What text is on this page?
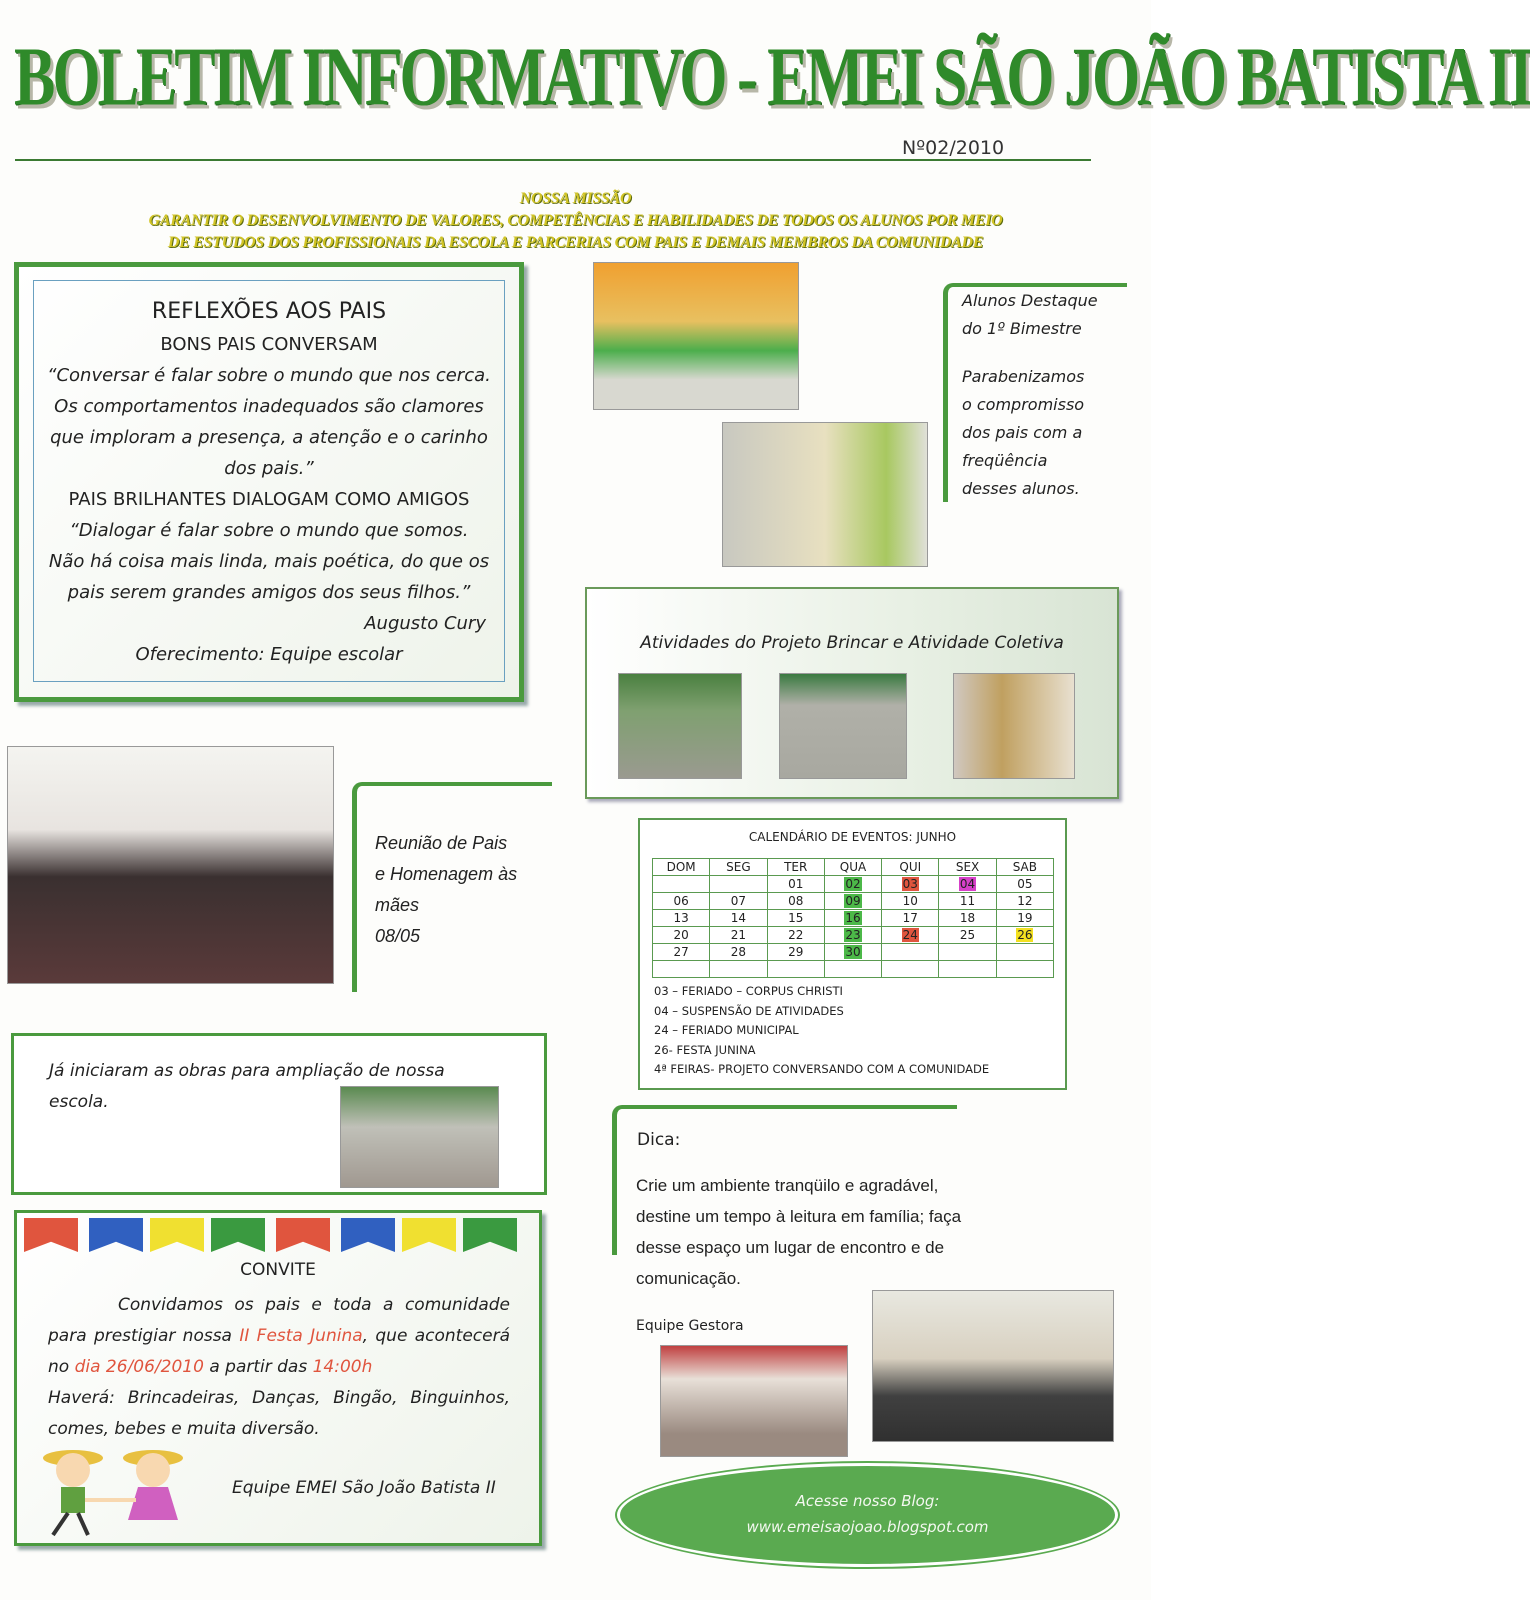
BOLETIM INFORMATIVO - EMEI SÃO JOÃO BATISTA II
Nº02/2010
NOSSA MISSÃO
GARANTIR O DESENVOLVIMENTO DE VALORES, COMPETÊNCIAS E HABILIDADES DE TODOS OS ALUNOS POR MEIO
DE ESTUDOS DOS PROFISSIONAIS DA ESCOLA E PARCERIAS COM PAIS E DEMAIS MEMBROS DA COMUNIDADE

REFLEXÕES AOS PAIS

BONS PAIS CONVERSAM

“Conversar é falar sobre o mundo que nos cerca.

Os comportamentos inadequados são clamores

que imploram a presença, a atenção e o carinho

dos pais.”

PAIS BRILHANTES DIALOGAM COMO AMIGOS

“Dialogar é falar sobre o mundo que somos.

Não há coisa mais linda, mais poética, do que os

pais serem grandes amigos dos seus filhos.”

Augusto Cury

Oferecimento: Equipe escolar

Alunos Destaque
do 1º Bimestre
Parabenizamos
o compromisso
dos pais com a
freqüência
desses alunos.
Atividades do Projeto Brincar e Atividade Coletiva
Reunião de Pais
e Homenagem às
mães
08/05
CALENDÁRIO DE EVENTOS: JUNHO
DOM	SEG	TER	QUA	QUI	SEX	SAB
		01	02	03	04	05
06	07	08	09	10	11	12
13	14	15	16	17	18	19
20	21	22	23	24	25	26
27	28	29	30			

03 – FERIADO – CORPUS CHRISTI
04 – SUSPENSÃO DE ATIVIDADES
24 – FERIADO MUNICIPAL
26- FESTA JUNINA
4ª FEIRAS- PROJETO CONVERSANDO COM A COMUNIDADE
Já iniciaram as obras para ampliação de nossa escola.
CONVITE
Convidamos os pais e toda a comunidade para prestigiar nossa II Festa Junina, que acontecerá no dia 26/06/2010 a partir das 14:00h
Haverá: Brincadeiras, Danças, Bingão, Binguinhos, comes, bebes e muita diversão.
Equipe EMEI São João Batista II
Dica:
Crie um ambiente tranqüilo e agradável, destine um tempo à leitura em família; faça desse espaço um lugar de encontro e de comunicação.
Equipe Gestora
Acesse nosso Blog:
www.emeisaojoao.blogspot.com
